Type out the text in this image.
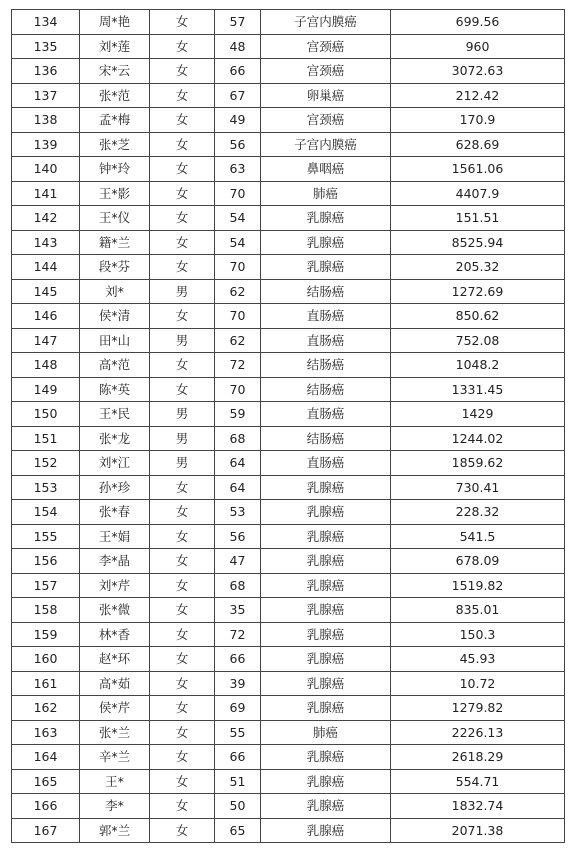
134	周*艳	女	57	子宫内膜癌	699.56
135	刘*莲	女	48	宫颈癌	960
136	宋*云	女	66	宫颈癌	3072.63
137	张*范	女	67	卵巢癌	212.42
138	孟*梅	女	49	宫颈癌	170.9
139	张*芝	女	56	子宫内膜癌	628.69
140	钟*玲	女	63	鼻咽癌	1561.06
141	王*影	女	70	肺癌	4407.9
142	王*仪	女	54	乳腺癌	151.51
143	籍*兰	女	54	乳腺癌	8525.94
144	段*芬	女	70	乳腺癌	205.32
145	刘*	男	62	结肠癌	1272.69
146	侯*清	女	70	直肠癌	850.62
147	田*山	男	62	直肠癌	752.08
148	高*范	女	72	结肠癌	1048.2
149	陈*英	女	70	结肠癌	1331.45
150	王*民	男	59	直肠癌	1429
151	张*龙	男	68	结肠癌	1244.02
152	刘*江	男	64	直肠癌	1859.62
153	孙*珍	女	64	乳腺癌	730.41
154	张*春	女	53	乳腺癌	228.32
155	王*娟	女	56	乳腺癌	541.5
156	李*晶	女	47	乳腺癌	678.09
157	刘*芹	女	68	乳腺癌	1519.82
158	张*微	女	35	乳腺癌	835.01
159	林*香	女	72	乳腺癌	150.3
160	赵*环	女	66	乳腺癌	45.93
161	高*茹	女	39	乳腺癌	10.72
162	侯*芹	女	69	乳腺癌	1279.82
163	张*兰	女	55	肺癌	2226.13
164	辛*兰	女	66	乳腺癌	2618.29
165	王*	女	51	乳腺癌	554.71
166	李*	女	50	乳腺癌	1832.74
167	郭*兰	女	65	乳腺癌	2071.38
